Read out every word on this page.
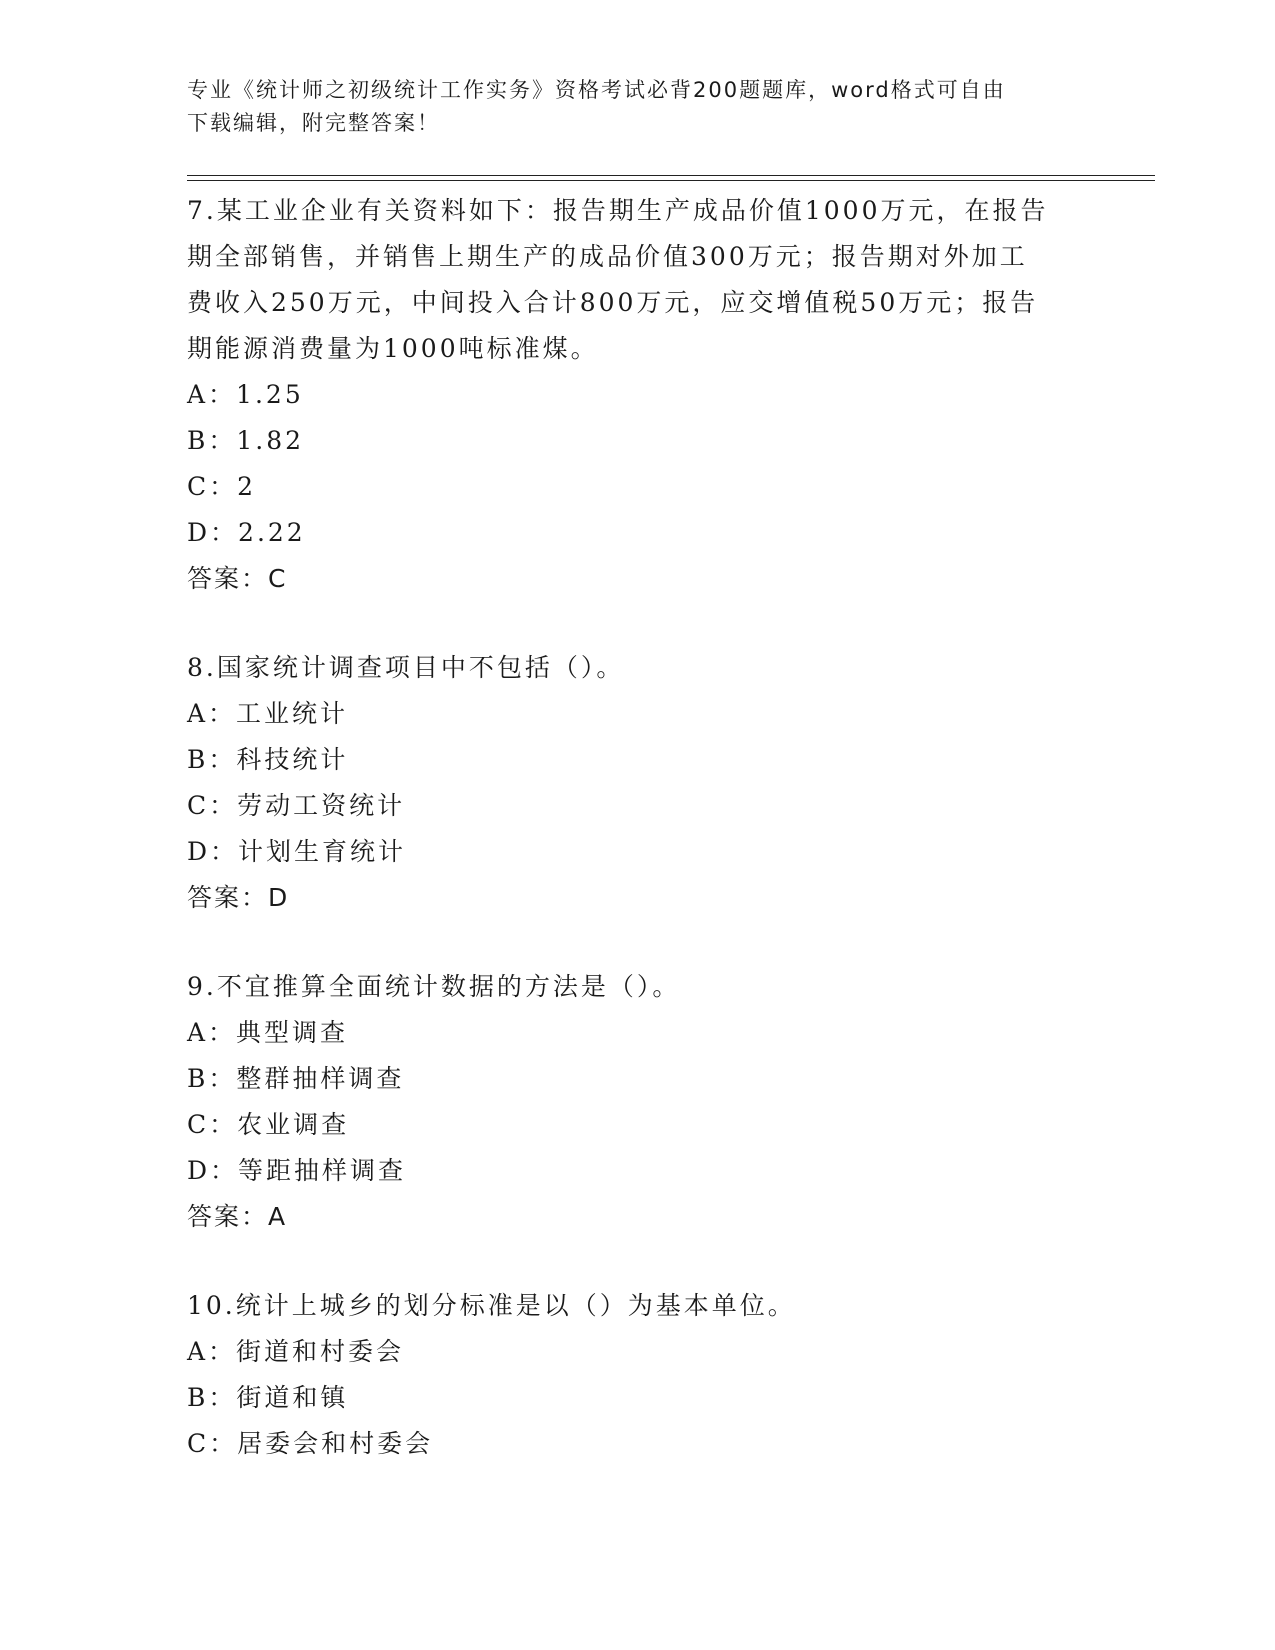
专业《统计师之初级统计工作实务》资格考试必背200题题库，word格式可自由
下载编辑，附完整答案！

7.某工业企业有关资料如下：报告期生产成品价值1000万元，在报告

期全部销售，并销售上期生产的成品价值300万元；报告期对外加工

费收入250万元，中间投入合计800万元，应交增值税50万元；报告

期能源消费量为1000吨标准煤。

A：1.25

B：1.82

C：2

D：2.22

答案：C

8.国家统计调查项目中不包括（）。

A：工业统计

B：科技统计

C：劳动工资统计

D：计划生育统计

答案：D

9.不宜推算全面统计数据的方法是（）。

A：典型调查

B：整群抽样调查

C：农业调查

D：等距抽样调查

答案：A

10.统计上城乡的划分标准是以（）为基本单位。

A：街道和村委会

B：街道和镇

C：居委会和村委会
